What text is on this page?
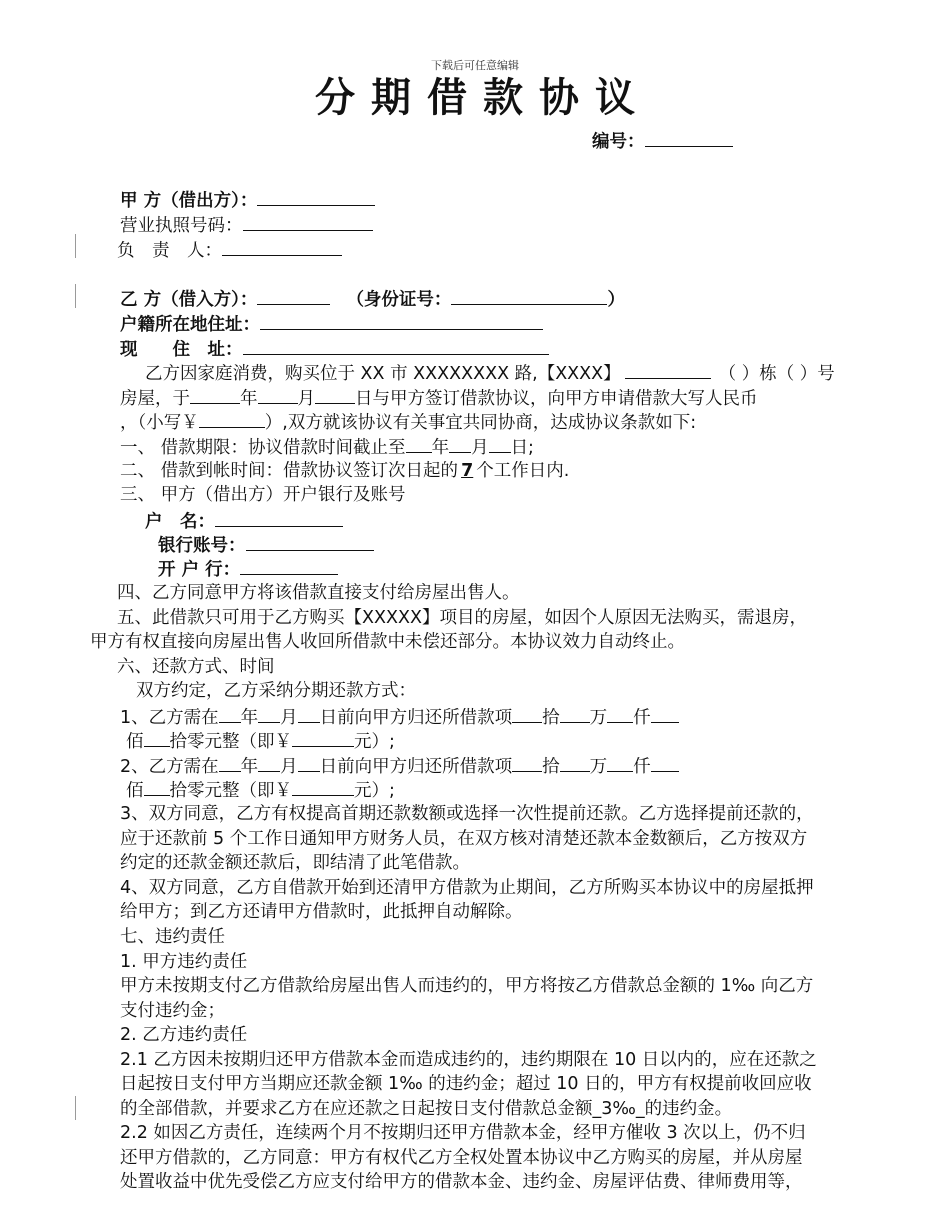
下载后可任意编辑
分期借款协议
编号：
甲 方（借出方）：
营业执照号码：
负　责　人：
乙 方（借入方）：	（身份证号：	）
户籍所在地住址：
现　　住　址：
乙方因家庭消费，购买位于 XX 市 XXXXXXXX 路,【XXXX】	（ ）栋（ ）号
房屋，于	年 月 日与甲方签订借款协议，向甲方申请借款大写人民币
，（小写￥	）,双方就该协议有关事宜共同协商，达成协议条款如下:
一、 借款期限：协议借款时间截止至 年 月 日;
二、 借款到帐时间：借款协议签订次日起的 7 个工作日内.
三、 甲方（借出方）开户银行及账号
户　名：
银行账号：
开 户 行：
四、乙方同意甲方将该借款直接支付给房屋出售人。
五、此借款只可用于乙方购买【XXXXX】项目的房屋，如因个人原因无法购买，需退房，
甲方有权直接向房屋出售人收回所借款中未偿还部分。本协议效力自动终止。
六、还款方式、时间
双方约定，乙方采纳分期还款方式：
1、乙方需在 年 月 日前向甲方归还所借款项 拾 万 仟
佰 拾零元整（即￥	元）;
2、乙方需在 年 月 日前向甲方归还所借款项 拾 万 仟
佰 拾零元整（即￥	元）;
3、双方同意，乙方有权提高首期还款数额或选择一次性提前还款。乙方选择提前还款的，
应于还款前 5 个工作日通知甲方财务人员，在双方核对清楚还款本金数额后，乙方按双方
约定的还款金额还款后，即结清了此笔借款。
4、双方同意，乙方自借款开始到还清甲方借款为止期间，乙方所购买本协议中的房屋抵押
给甲方；到乙方还请甲方借款时，此抵押自动解除。
七、违约责任
1. 甲方违约责任
甲方未按期支付乙方借款给房屋出售人而违约的，甲方将按乙方借款总金额的 1‰ 向乙方
支付违约金；
2. 乙方违约责任
2.1 乙方因未按期归还甲方借款本金而造成违约的，违约期限在 10 日以内的，应在还款之
日起按日支付甲方当期应还款金额 1‰ 的违约金；超过 10 日的，甲方有权提前收回应收
的全部借款，并要求乙方在应还款之日起按日支付借款总金额_3‰_的违约金。
2.2 如因乙方责任，连续两个月不按期归还甲方借款本金，经甲方催收 3 次以上，仍不归
还甲方借款的，乙方同意：甲方有权代乙方全权处置本协议中乙方购买的房屋，并从房屋
处置收益中优先受偿乙方应支付给甲方的借款本金、违约金、房屋评估费、律师费用等，
